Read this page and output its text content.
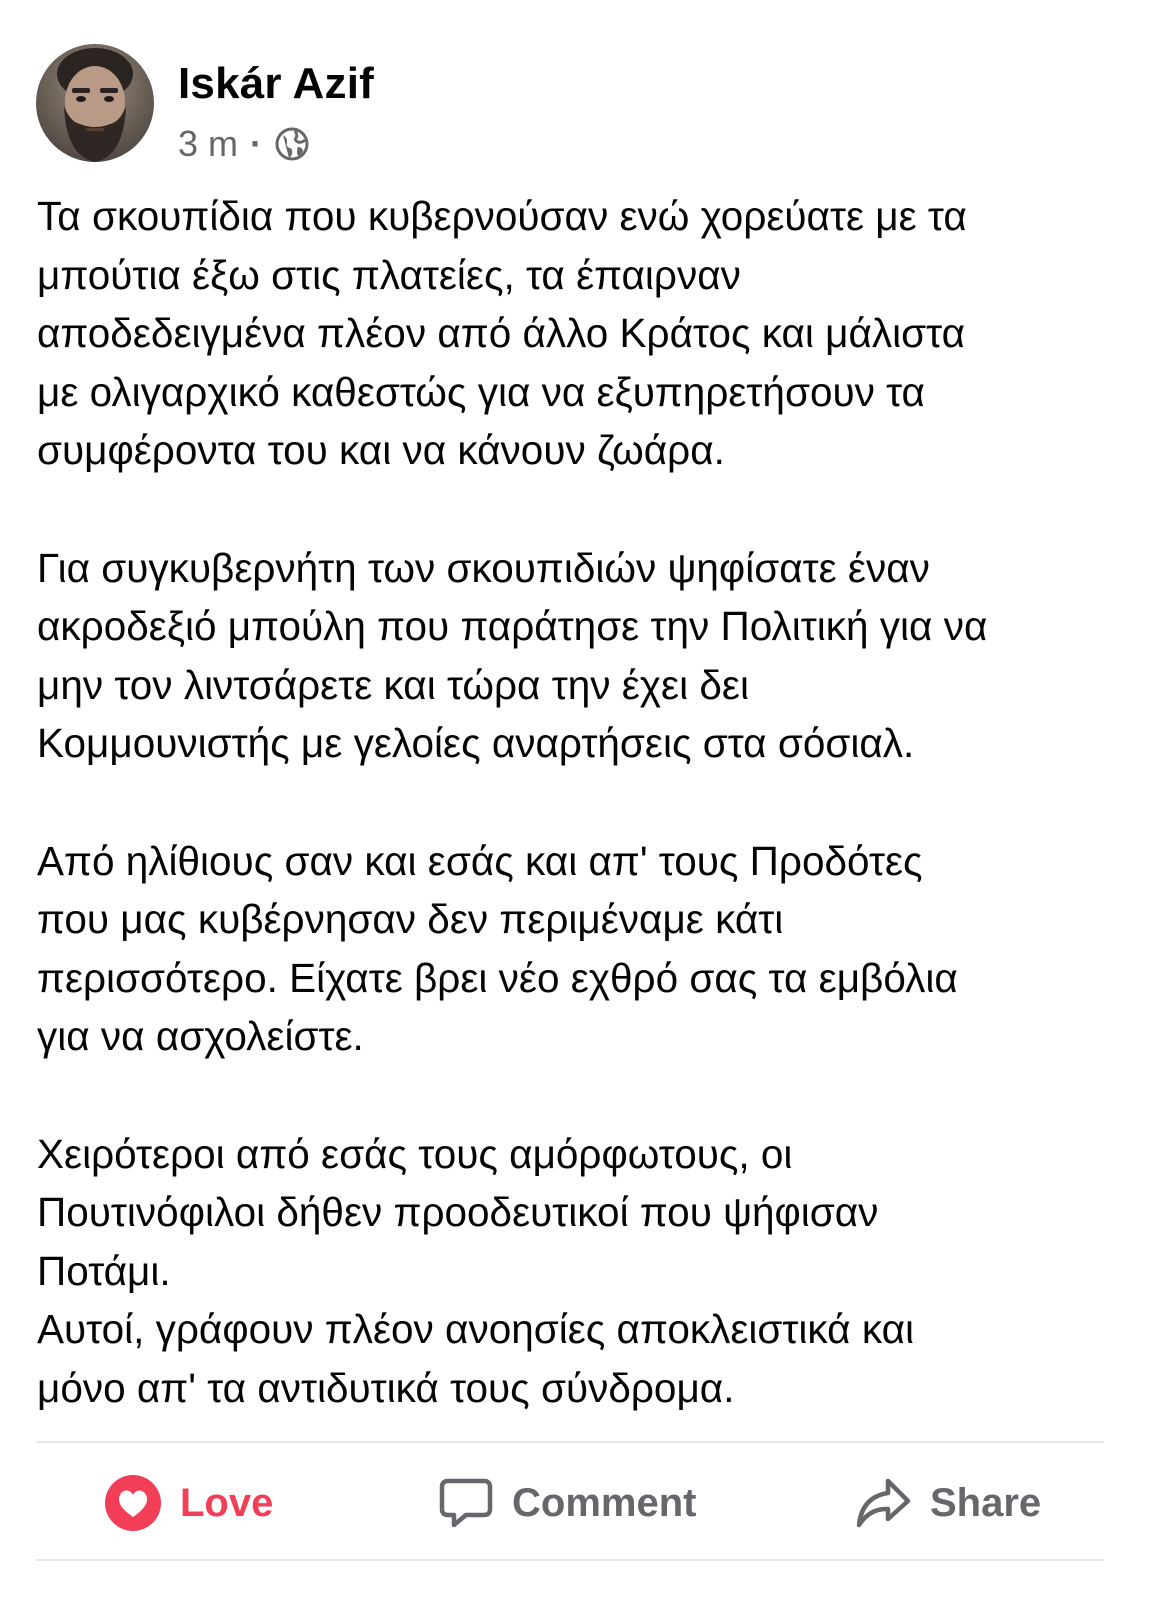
Iskár Azif
3 m ·
Τα σκουπίδια που κυβερνούσαν ενώ χορεύατε με τα
μπούτια έξω στις πλατείες, τα έπαιρναν
αποδεδειγμένα πλέον από άλλο Κράτος και μάλιστα
με ολιγαρχικό καθεστώς για να εξυπηρετήσουν τα
συμφέροντα του και να κάνουν ζωάρα.
Για συγκυβερνήτη των σκουπιδιών ψηφίσατε έναν
ακροδεξιό μπούλη που παράτησε την Πολιτική για να
μην τον λιντσάρετε και τώρα την έχει δει
Κομμουνιστής με γελοίες αναρτήσεις στα σόσιαλ.
Από ηλίθιους σαν και εσάς και απ' τους Προδότες
που μας κυβέρνησαν δεν περιμέναμε κάτι
περισσότερο. Είχατε βρει νέο εχθρό σας τα εμβόλια
για να ασχολείστε.
Χειρότεροι από εσάς τους αμόρφωτους, οι
Πουτινόφιλοι δήθεν προοδευτικοί που ψήφισαν
Ποτάμι.
Αυτοί, γράφουν πλέον ανοησίες αποκλειστικά και
μόνο απ' τα αντιδυτικά τους σύνδρομα.
Love	Comment	Share
